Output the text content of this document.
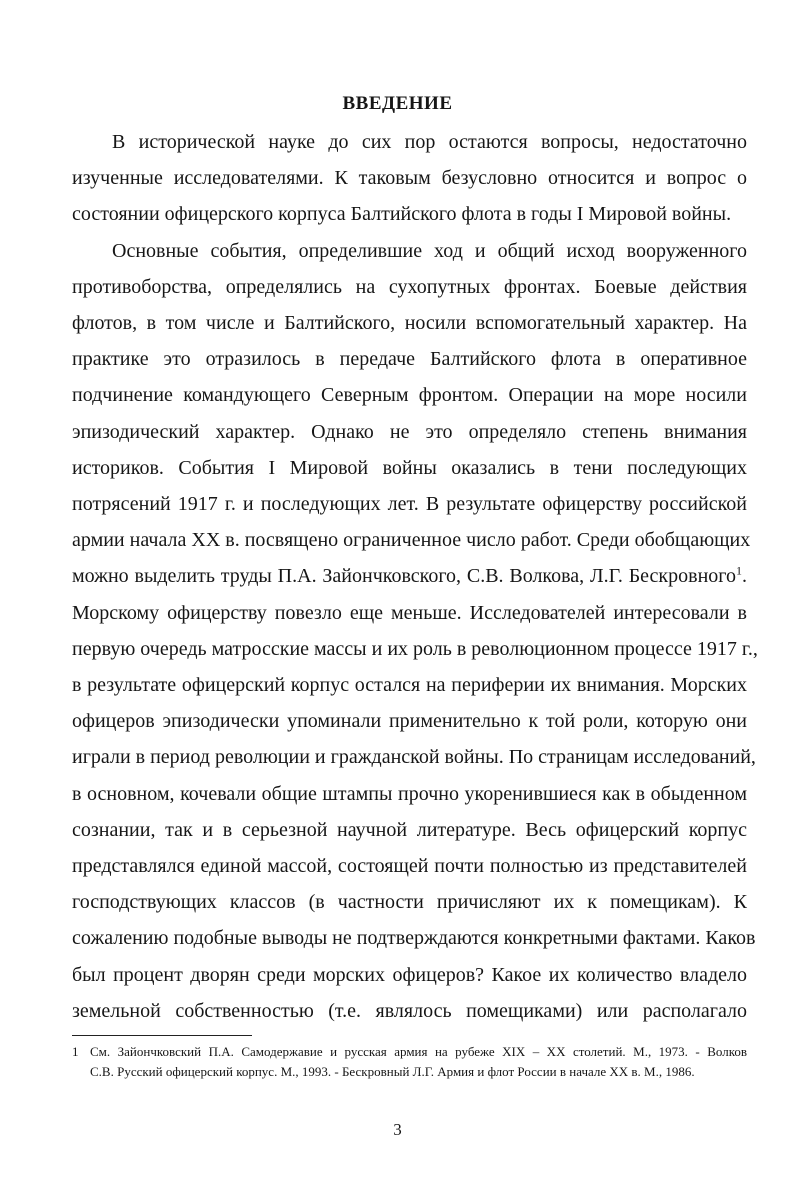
ВВЕДЕНИЕ

В исторической науке до сих пор остаются вопросы, недостаточно
изученные исследователями. К таковым безусловно относится и вопрос о
состоянии офицерского корпуса Балтийского флота в годы I Мировой войны.

Основные события, определившие ход и общий исход вооруженного
противоборства, определялись на сухопутных фронтах. Боевые действия
флотов, в том числе и Балтийского, носили вспомогательный характер. На
практике это отразилось в передаче Балтийского флота в оперативное
подчинение командующего Северным фронтом. Операции на море носили
эпизодический характер. Однако не это определяло степень внимания
историков. События I Мировой войны оказались в тени последующих
потрясений 1917 г. и последующих лет. В результате офицерству российской
армии начала XX в. посвящено ограниченное число работ. Среди обобщающих
можно выделить труды П.А. Зайончковского, С.В. Волкова, Л.Г. Бескровного$^1$.
Морскому офицерству повезло еще меньше. Исследователей интересовали в
первую очередь матросские массы и их роль в революционном процессе 1917 г.,
в результате офицерский корпус остался на периферии их внимания. Морских
офицеров эпизодически упоминали применительно к той роли, которую они
играли в период революции и гражданской войны. По страницам исследований,
в основном, кочевали общие штампы прочно укоренившиеся как в обыденном
сознании, так и в серьезной научной литературе. Весь офицерский корпус
представлялся единой массой, состоящей почти полностью из представителей
господствующих классов (в частности причисляют их к помещикам). К
сожалению подобные выводы не подтверждаются конкретными фактами. Каков
был процент дворян среди морских офицеров? Какое их количество владело
земельной собственностью (т.е. являлось помещиками) или располагало

1 См. Зайончковский П.А. Самодержавие и русская армия на рубеже XIX – XX столетий. М., 1973. - Волков
С.В. Русский офицерский корпус. М., 1993. - Бескровный Л.Г. Армия и флот России в начале XX в. М., 1986.
3
